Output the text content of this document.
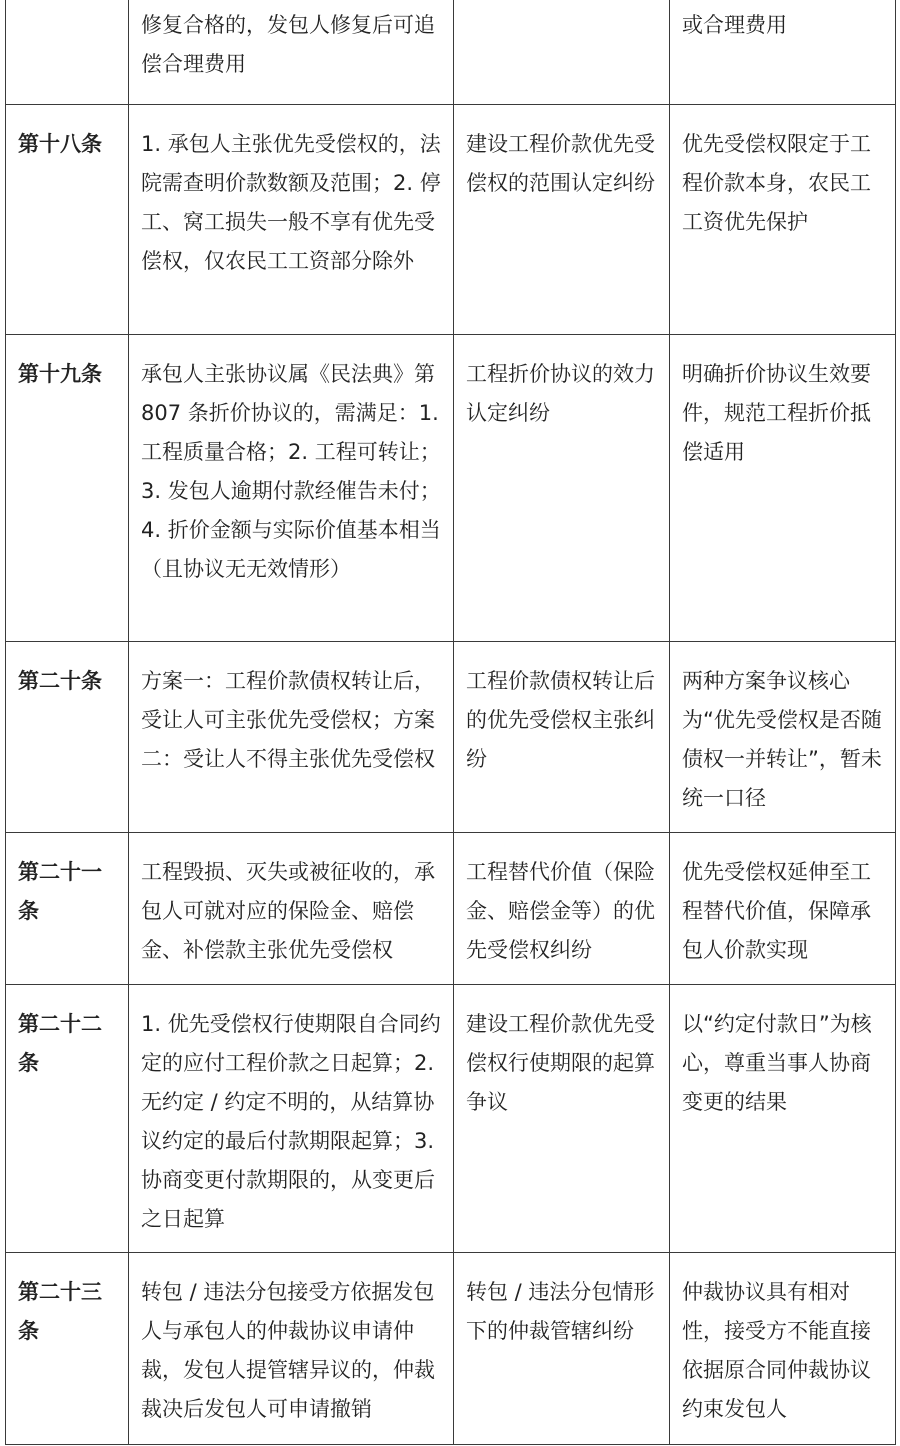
	修复合格的，发包人修复后可追偿合理费用		或合理费用
第十八条	1. 承包人主张优先受偿权的，法院需查明价款数额及范围；2. 停工、窝工损失一般不享有优先受偿权，仅农民工工资部分除外	建设工程价款优先受偿权的范围认定纠纷	优先受偿权限定于工程价款本身，农民工工资优先保护
第十九条	承包人主张协议属《民法典》第 807 条折价协议的，需满足：1. 工程质量合格；2. 工程可转让；3. 发包人逾期付款经催告未付；4. 折价金额与实际价值基本相当（且协议无无效情形）	工程折价协议的效力认定纠纷	明确折价协议生效要件，规范工程折价抵偿适用
第二十条	方案一：工程价款债权转让后，受让人可主张优先受偿权；方案二：受让人不得主张优先受偿权	工程价款债权转让后的优先受偿权主张纠纷	两种方案争议核心为“优先受偿权是否随债权一并转让”，暂未统一口径
第二十一条	工程毁损、灭失或被征收的，承包人可就对应的保险金、赔偿金、补偿款主张优先受偿权	工程替代价值（保险金、赔偿金等）的优先受偿权纠纷	优先受偿权延伸至工程替代价值，保障承包人价款实现
第二十二条	1. 优先受偿权行使期限自合同约定的应付工程价款之日起算；2. 无约定 / 约定不明的，从结算协议约定的最后付款期限起算；3. 协商变更付款期限的，从变更后之日起算	建设工程价款优先受偿权行使期限的起算争议	以“约定付款日”为核心，尊重当事人协商变更的结果
第二十三条	转包 / 违法分包接受方依据发包人与承包人的仲裁协议申请仲裁，发包人提管辖异议的，仲裁裁决后发包人可申请撤销	转包 / 违法分包情形下的仲裁管辖纠纷	仲裁协议具有相对性，接受方不能直接依据原合同仲裁协议约束发包人
